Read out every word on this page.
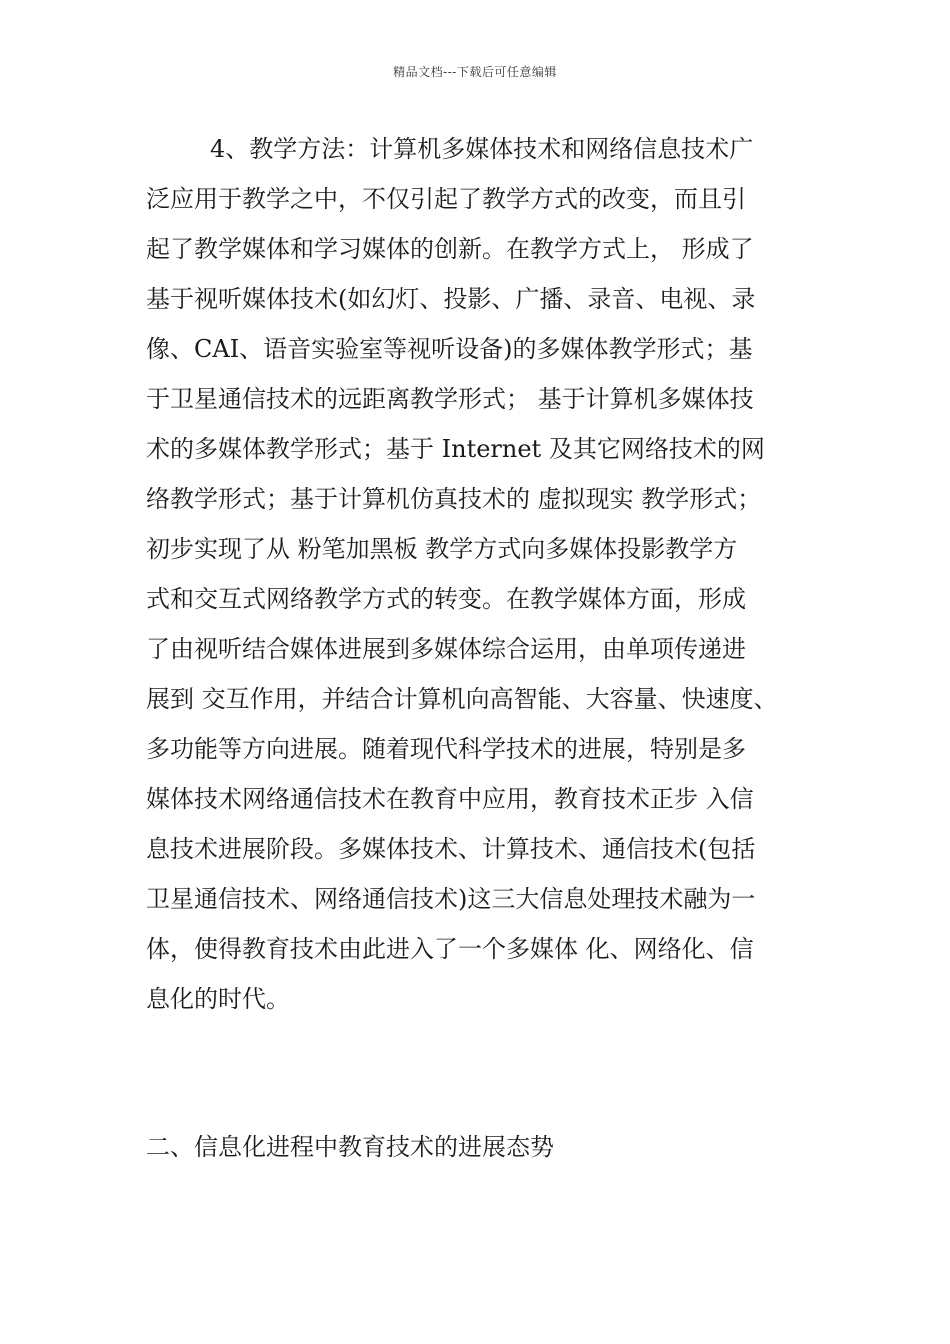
精品文档---下载后可任意编辑
4、教学方法：计算机多媒体技术和网络信息技术广
泛应用于教学之中，不仅引起了教学方式的改变，而且引
起了教学媒体和学习媒体的创新。在教学方式上， 形成了
基于视听媒体技术(如幻灯、投影、广播、录音、电视、录
像、CAI、语音实验室等视听设备)的多媒体教学形式；基
于卫星通信技术的远距离教学形式； 基于计算机多媒体技
术的多媒体教学形式；基于 Internet 及其它网络技术的网
络教学形式；基于计算机仿真技术的 虚拟现实 教学形式；
初步实现了从 粉笔加黑板 教学方式向多媒体投影教学方
式和交互式网络教学方式的转变。在教学媒体方面，形成
了由视听结合媒体进展到多媒体综合运用，由单项传递进
展到 交互作用，并结合计算机向高智能、大容量、快速度、
多功能等方向进展。随着现代科学技术的进展，特别是多
媒体技术网络通信技术在教育中应用，教育技术正步 入信
息技术进展阶段。多媒体技术、计算技术、通信技术(包括
卫星通信技术、网络通信技术)这三大信息处理技术融为一
体，使得教育技术由此进入了一个多媒体 化、网络化、信
息化的时代。
二、信息化进程中教育技术的进展态势
